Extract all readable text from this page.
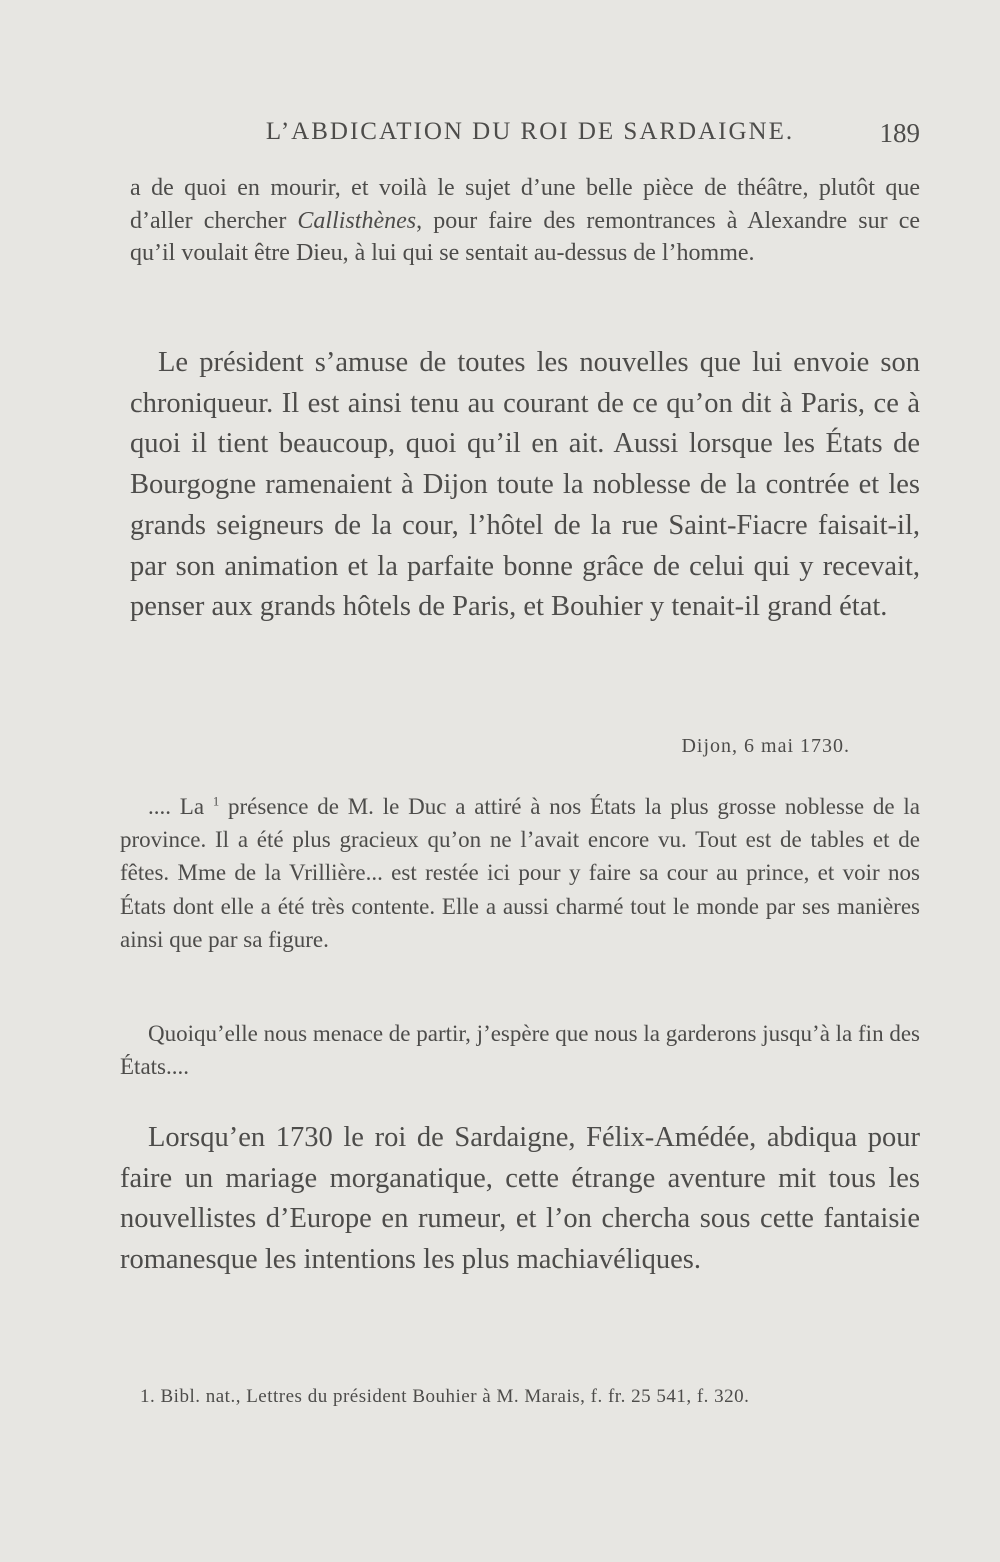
L’ABDICATION DU ROI DE SARDAIGNE.	189

a de quoi en mourir, et voilà le sujet d’une belle pièce de théâtre, plutôt que d’aller chercher Callisthènes, pour faire des remontrances à Alexandre sur ce qu’il voulait être Dieu, à lui qui se sentait au-dessus de l’homme.

Le président s’amuse de toutes les nouvelles que lui envoie son chroniqueur. Il est ainsi tenu au courant de ce qu’on dit à Paris, ce à quoi il tient beaucoup, quoi qu’il en ait. Aussi lorsque les États de Bourgogne ramenaient à Dijon toute la noblesse de la contrée et les grands seigneurs de la cour, l’hôtel de la rue Saint-Fiacre faisait-il, par son animation et la parfaite bonne grâce de celui qui y recevait, penser aux grands hôtels de Paris, et Bouhier y tenait-il grand état.

Dijon, 6 mai 1730.

.... La $^1$ présence de M. le Duc a attiré à nos États la plus grosse noblesse de la province. Il a été plus gracieux qu’on ne l’avait encore vu. Tout est de tables et de fêtes. Mme de la Vrillière... est restée ici pour y faire sa cour au prince, et voir nos États dont elle a été très contente. Elle a aussi charmé tout le monde par ses manières ainsi que par sa figure.

Quoiqu’elle nous menace de partir, j’espère que nous la garderons jusqu’à la fin des États....

Lorsqu’en 1730 le roi de Sardaigne, Félix-Amédée, abdiqua pour faire un mariage morganatique, cette étrange aventure mit tous les nouvellistes d’Europe en rumeur, et l’on chercha sous cette fantaisie romanesque les intentions les plus machiavéliques.

1. Bibl. nat., Lettres du président Bouhier à M. Marais, f. fr. 25 541, f. 320.
